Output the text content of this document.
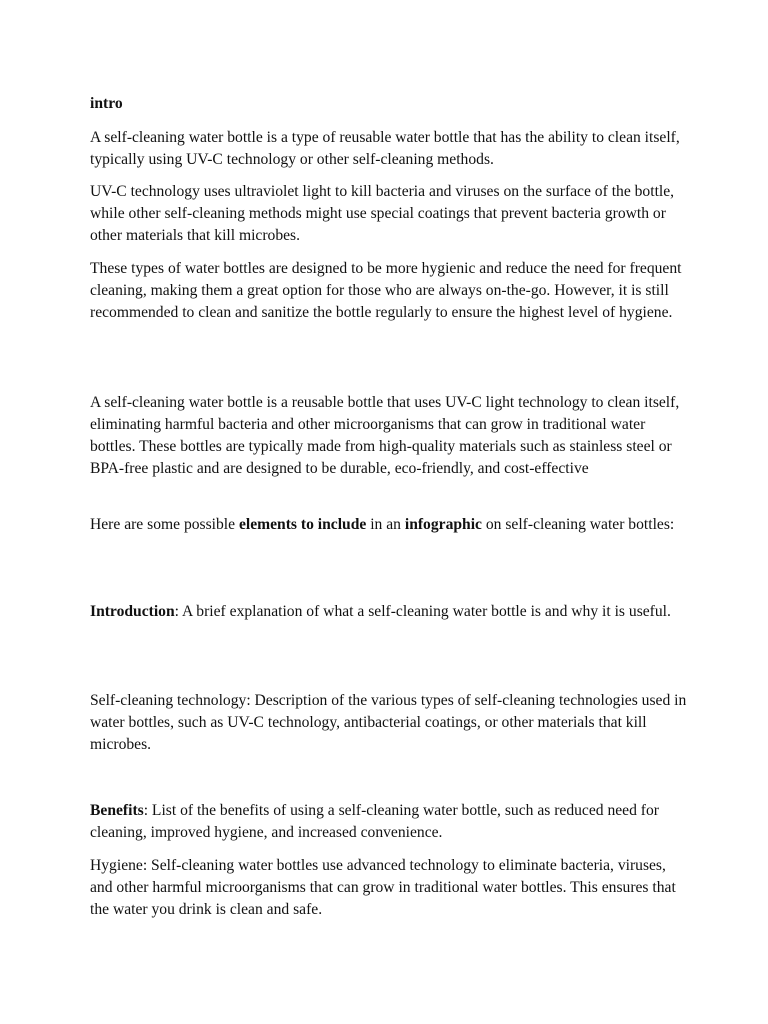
intro

A self-cleaning water bottle is a type of reusable water bottle that has the ability to clean itself, typically using UV-C technology or other self-cleaning methods.

UV-C technology uses ultraviolet light to kill bacteria and viruses on the surface of the bottle, while other self-cleaning methods might use special coatings that prevent bacteria growth or other materials that kill microbes.

These types of water bottles are designed to be more hygienic and reduce the need for frequent cleaning, making them a great option for those who are always on-the-go. However, it is still recommended to clean and sanitize the bottle regularly to ensure the highest level of hygiene.

A self-cleaning water bottle is a reusable bottle that uses UV-C light technology to clean itself, eliminating harmful bacteria and other microorganisms that can grow in traditional water bottles. These bottles are typically made from high-quality materials such as stainless steel or BPA-free plastic and are designed to be durable, eco-friendly, and cost-effective

Here are some possible elements to include in an infographic on self-cleaning water bottles:

Introduction: A brief explanation of what a self-cleaning water bottle is and why it is useful.

Self-cleaning technology: Description of the various types of self-cleaning technologies used in water bottles, such as UV-C technology, antibacterial coatings, or other materials that kill microbes.

Benefits: List of the benefits of using a self-cleaning water bottle, such as reduced need for cleaning, improved hygiene, and increased convenience.

Hygiene: Self-cleaning water bottles use advanced technology to eliminate bacteria, viruses, and other harmful microorganisms that can grow in traditional water bottles. This ensures that the water you drink is clean and safe.
